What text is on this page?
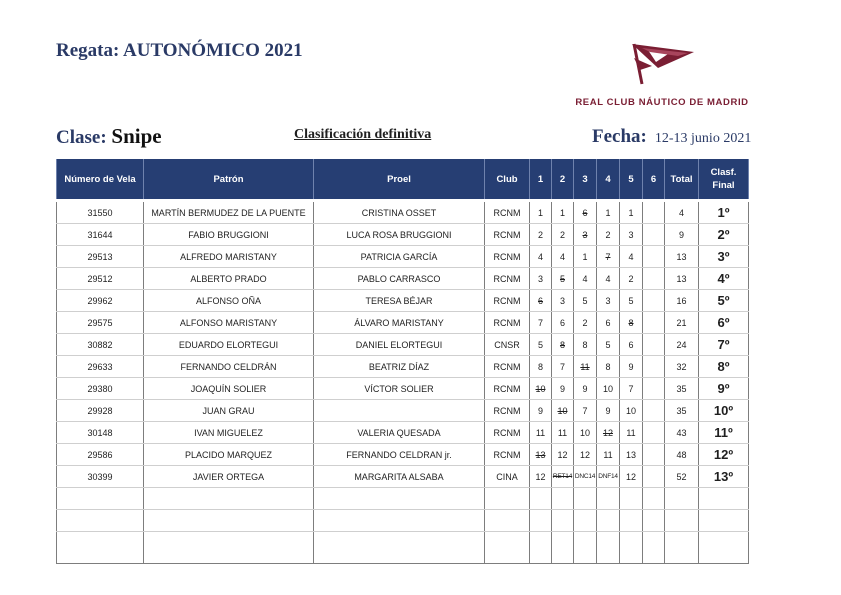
Regata: AUTONÓMICO 2021
REAL CLUB NÁUTICO DE MADRID
Clase: Snipe	Clasificación definitiva	Fecha: 12-13 junio 2021
Número de Vela	Patrón	Proel	Club	1	2	3	4	5	6	Total	Clasf.
Final
31550	MARTÍN BERMUDEZ DE LA PUENTE	CRISTINA OSSET	RCNM	1	1	6	1	1		4	1º
31644	FABIO BRUGGIONI	LUCA ROSA BRUGGIONI	RCNM	2	2	3	2	3		9	2º
29513	ALFREDO MARISTANY	PATRICIA GARCÍA	RCNM	4	4	1	7	4		13	3º
29512	ALBERTO PRADO	PABLO CARRASCO	RCNM	3	5	4	4	2		13	4º
29962	ALFONSO OÑA	TERESA BÉJAR	RCNM	6	3	5	3	5		16	5º
29575	ALFONSO MARISTANY	ÁLVARO MARISTANY	RCNM	7	6	2	6	8		21	6º
30882	EDUARDO ELORTEGUI	DANIEL ELORTEGUI	CNSR	5	8	8	5	6		24	7º
29633	FERNANDO CELDRÁN	BEATRIZ DÍAZ	RCNM	8	7	11	8	9		32	8º
29380	JOAQUÍN SOLIER	VÍCTOR SOLIER	RCNM	10	9	9	10	7		35	9º
29928	JUAN GRAU		RCNM	9	10	7	9	10		35	10º
30148	IVAN MIGUELEZ	VALERIA QUESADA	RCNM	11	11	10	12	11		43	11º
29586	PLACIDO MARQUEZ	FERNANDO CELDRAN jr.	RCNM	13	12	12	11	13		48	12º
30399	JAVIER ORTEGA	MARGARITA ALSABA	CINA	12	RET14	DNC14	DNF14	12		52	13º
